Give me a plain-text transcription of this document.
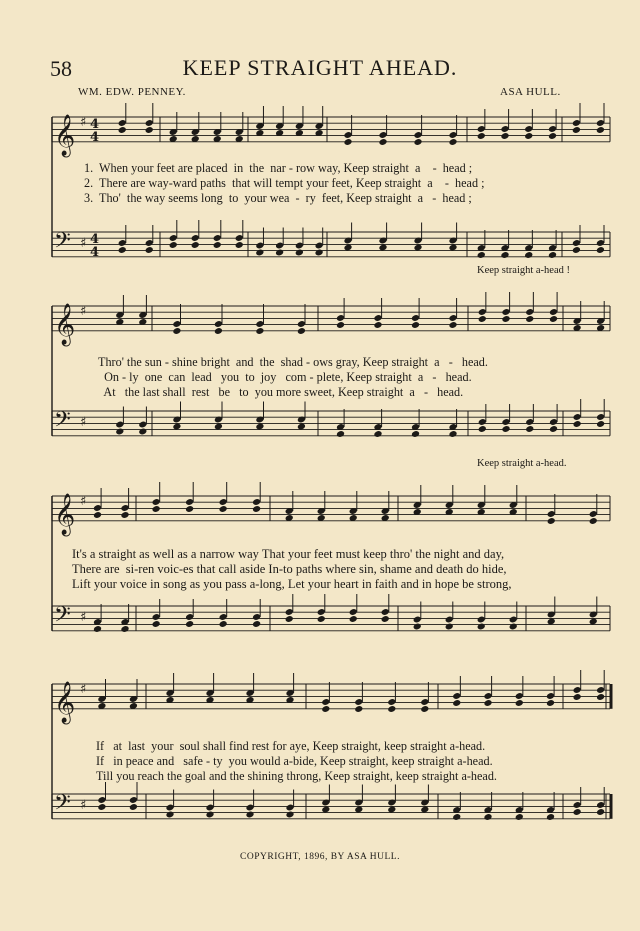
58	KEEP STRAIGHT AHEAD.
WM. EDW. PENNEY.	ASA HULL.
1.  When your feet are placed  in  the  nar - row way, Keep straight  a    -  head ;
2.  There are way-ward paths  that will tempt your feet, Keep straight  a    -  head ;
3.  Tho'  the way seems long  to  your wea  -  ry  feet, Keep straight  a   -  head ;
Keep straight a-head !
Thro' the sun - shine bright  and  the  shad - ows gray, Keep straight  a   -   head.
On - ly  one  can  lead   you  to  joy   com - plete, Keep straight  a   -   head.
At   the last shall  rest   be   to  you more sweet, Keep straight  a   -   head.
Keep straight a-head.
It's a straight as well as a narrow way That your feet must keep thro' the night and day,
There are  si-ren voic-es that call aside In-to paths where sin, shame and death do hide,
Lift your voice in song as you pass a-long, Let your heart in faith and in hope be strong,
If   at  last  your  soul shall find rest for aye, Keep straight, keep straight a-head.
If   in peace and   safe - ty  you would a-bide, Keep straight, keep straight a-head.
Till you reach the goal and the shining throng, Keep straight, keep straight a-head.
COPYRIGHT, 1896, BY ASA HULL.
𝄞 ♯ 4
4
𝄢 ♯ 4
4
𝄞 ♯
𝄢 ♯
𝄞 ♯
𝄢 ♯
𝄞 ♯
𝄢 ♯
